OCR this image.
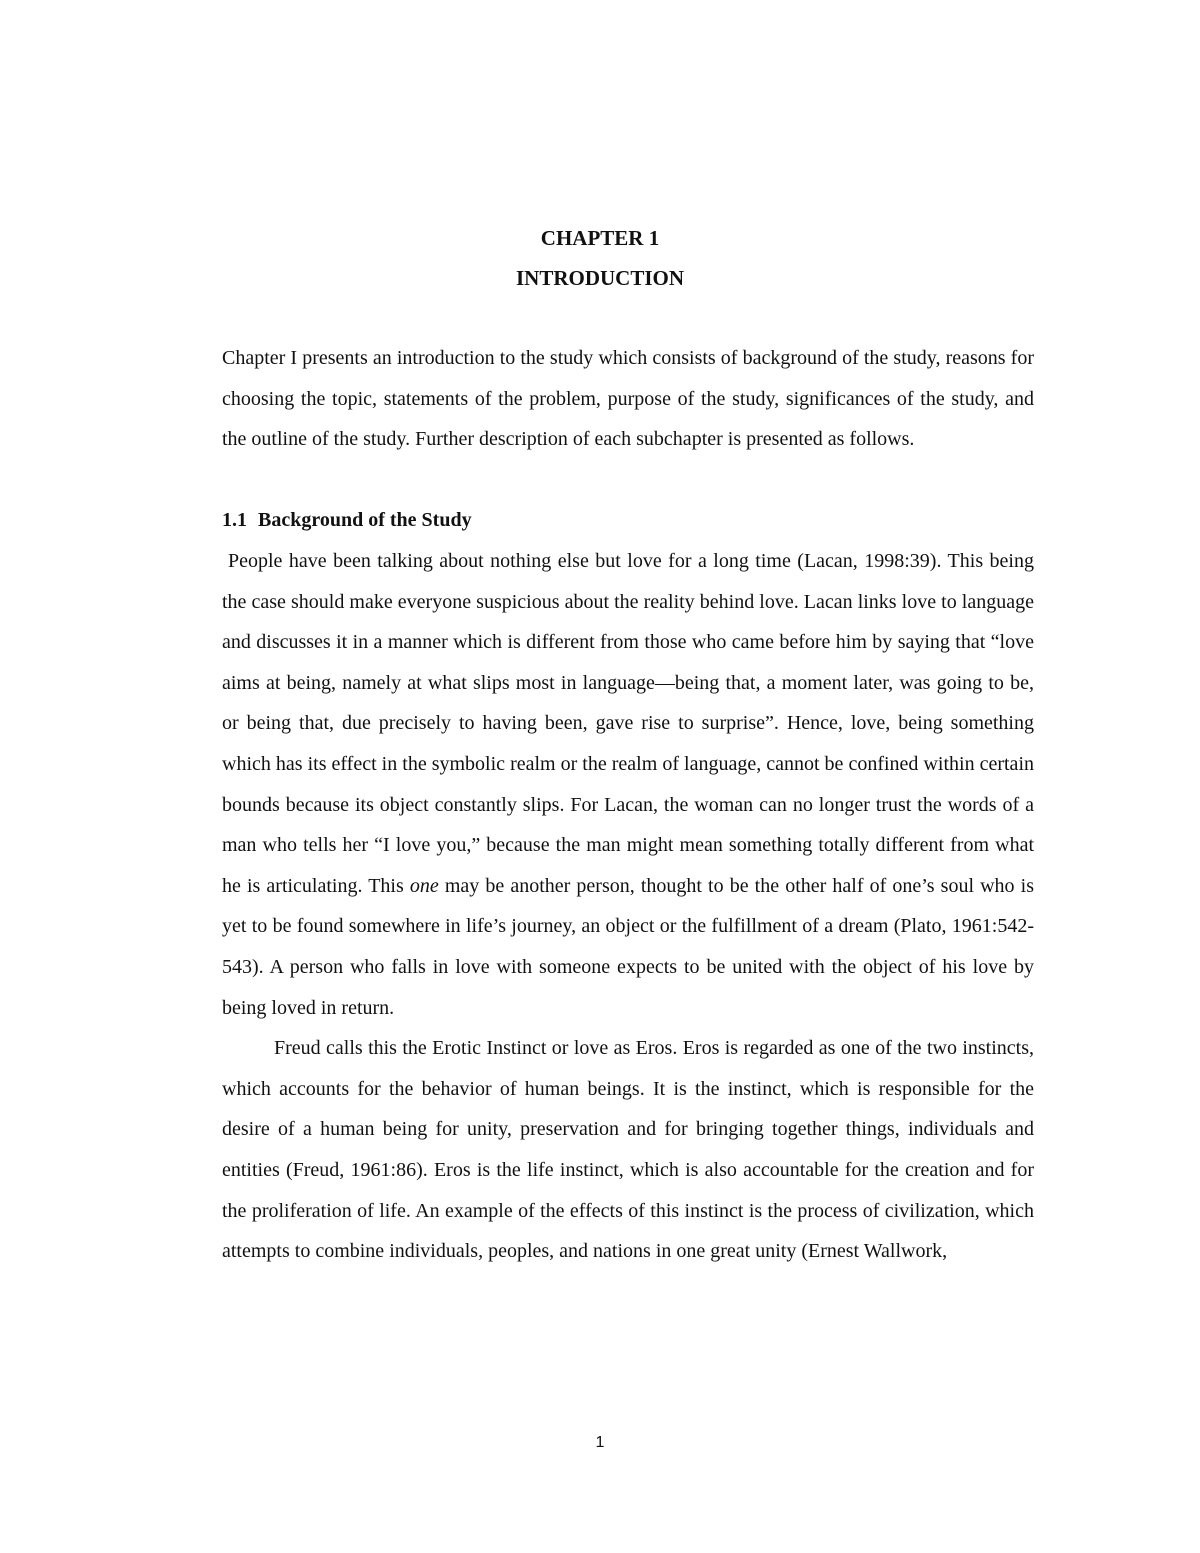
CHAPTER 1
INTRODUCTION

Chapter I presents an introduction to the study which consists of background of the study, reasons for choosing the topic, statements of the problem, purpose of the study, significances of the study, and the outline of the study. Further description of each subchapter is presented as follows.

1.1 Background of the Study

People have been talking about nothing else but love for a long time (Lacan, 1998:39). This being the case should make everyone suspicious about the reality behind love. Lacan links love to language and discusses it in a manner which is different from those who came before him by saying that “love aims at being, namely at what slips most in language—being that, a moment later, was going to be, or being that, due precisely to having been, gave rise to surprise”. Hence, love, being something which has its effect in the symbolic realm or the realm of language, cannot be confined within certain bounds because its object constantly slips. For Lacan, the woman can no longer trust the words of a man who tells her “I love you,” because the man might mean something totally different from what he is articulating. This one may be another person, thought to be the other half of one’s soul who is yet to be found somewhere in life’s journey, an object or the fulfillment of a dream (Plato, 1961:542- 543). A person who falls in love with someone expects to be united with the object of his love by being loved in return.

Freud calls this the Erotic Instinct or love as Eros. Eros is regarded as one of the two instincts, which accounts for the behavior of human beings. It is the instinct, which is responsible for the desire of a human being for unity, preservation and for bringing together things, individuals and entities (Freud, 1961:86). Eros is the life instinct, which is also accountable for the creation and for the proliferation of life. An example of the effects of this instinct is the process of civilization, which attempts to combine individuals, peoples, and nations in one great unity (Ernest Wallwork,

1
